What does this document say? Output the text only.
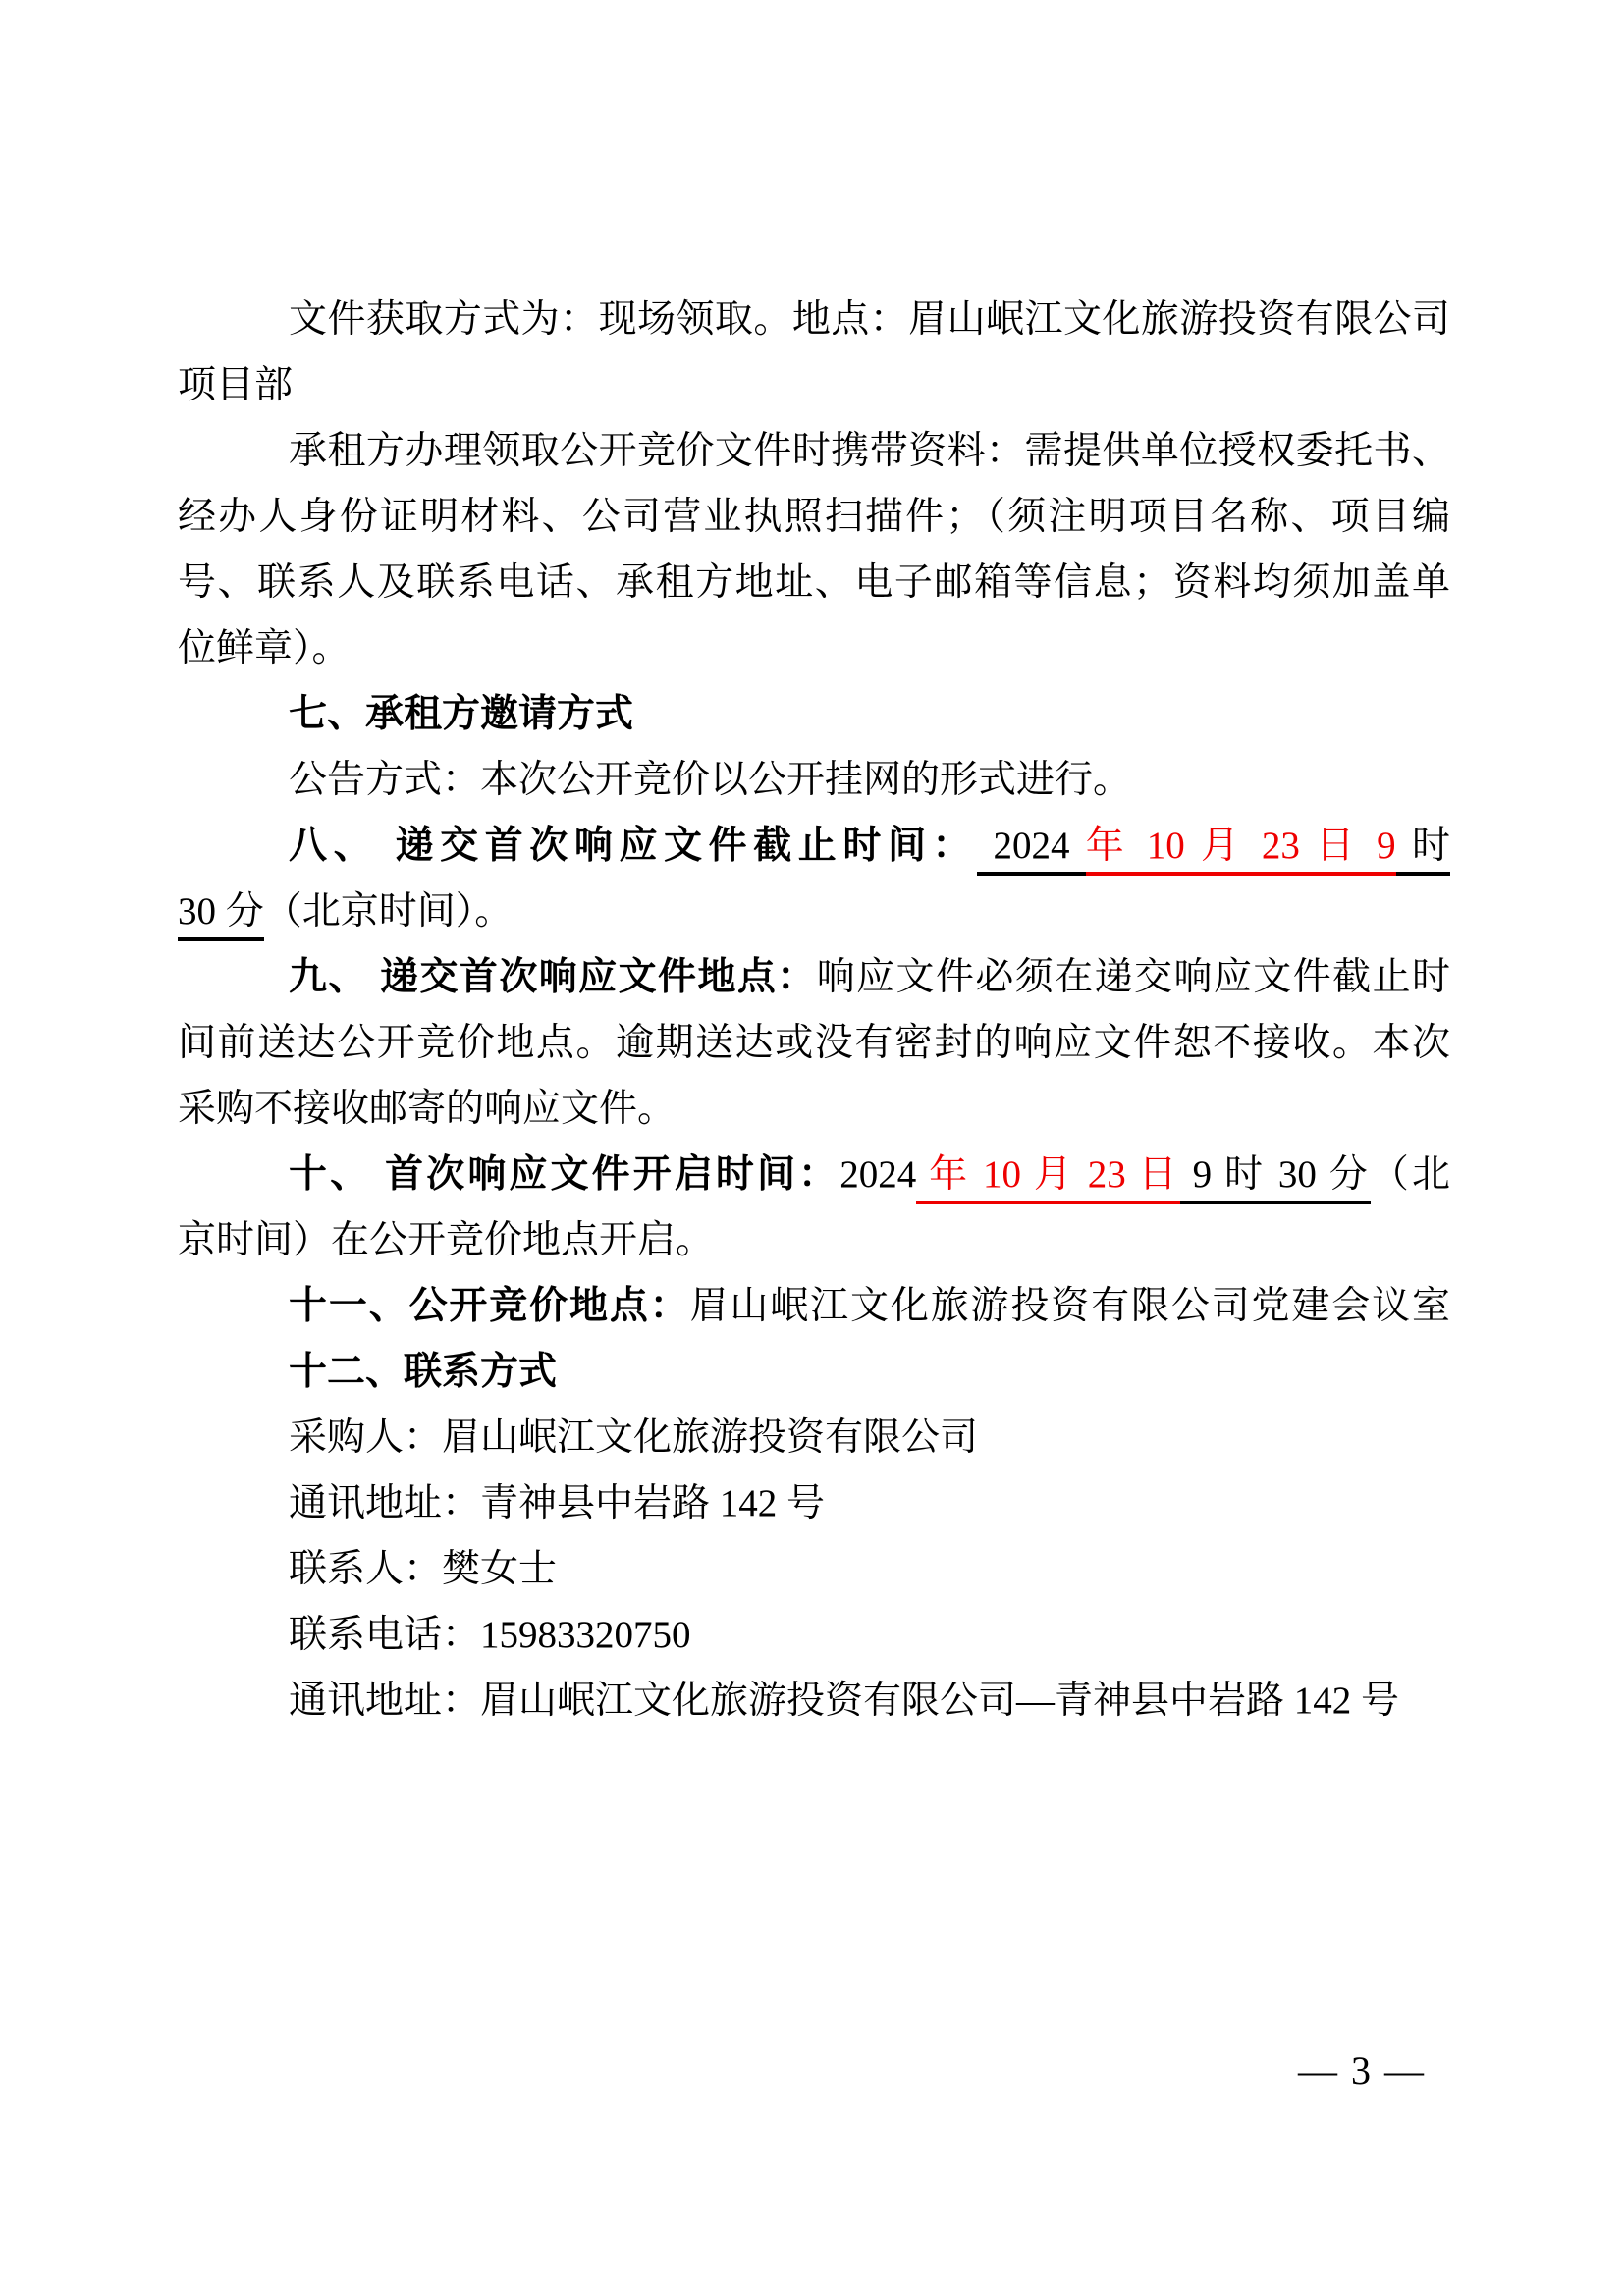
文件获取方式为：现场领取。地点：眉山岷江文化旅游投资有限公司
项目部
承租方办理领取公开竞价文件时携带资料：需提供单位授权委托书、
经办人身份证明材料、公司营业执照扫描件；（须注明项目名称、项目编
号、联系人及联系电话、承租方地址、电子邮箱等信息；资料均须加盖单
位鲜章）。
七、承租方邀请方式
公告方式：本次公开竞价以公开挂网的形式进行。
八、 递交首次响应文件截止时间： 2024 年 10 月 23 日 9 时
30 分（北京时间）。
九、 递交首次响应文件地点：响应文件必须在递交响应文件截止时
间前送达公开竞价地点。逾期送达或没有密封的响应文件恕不接收。本次
采购不接收邮寄的响应文件。
十、 首次响应文件开启时间：2024 年 10 月 23 日 9 时 30 分（北
京时间）在公开竞价地点开启。
十一、公开竞价地点：眉山岷江文化旅游投资有限公司党建会议室
十二、联系方式
采购人：眉山岷江文化旅游投资有限公司
通讯地址：青神县中岩路 142 号
联系人：樊女士
联系电话：15983320750
通讯地址：眉山岷江文化旅游投资有限公司—青神县中岩路 142 号
— 3 —
